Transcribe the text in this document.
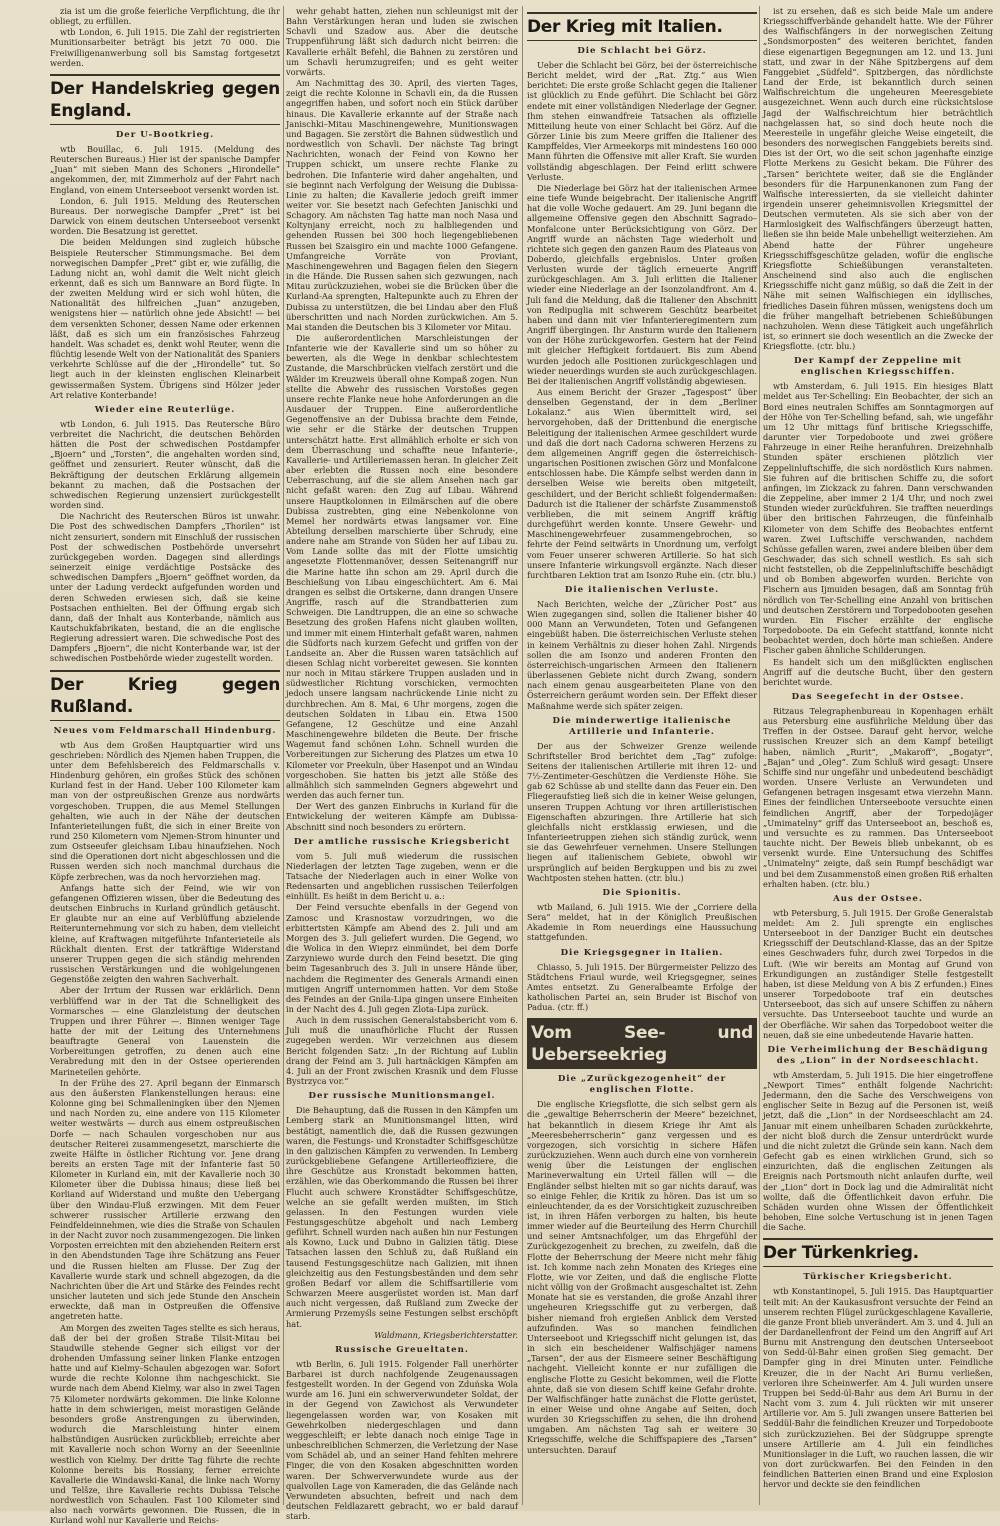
zia ist um die große feierliche Verpflichtung, die ihr obliegt, zu erfüllen.

wtb London, 6. Juli 1915. Die Zahl der registrierten Munitionsarbeiter beträgt bis jetzt 70 000. Die Freiwilligenanwerbung soll bis Samstag fortgesetzt werden.

Der Handelskrieg gegen England.
Der U-Bootkrieg.

wtb Bouillac, 6. Juli 1915. (Meldung des Reuterschen Bureaus.) Hier ist der spanische Dampfer „Juan“ mit sieben Mann des Schoners „Hirondelle“ angekommen, der, mit Zimmerholz auf der Fahrt nach England, von einem Unterseeboot versenkt worden ist.

London, 6. Juli 1915. Meldung des Reuterschen Bureaus. Der norwegische Dampfer „Pret“ ist bei Darwick von einem deutschen Unterseeboot versenkt worden. Die Besatzung ist gerettet.

Die beiden Meldungen sind zugleich hübsche Beispiele Reuterscher Stimmungsmache. Bei dem norwegischen Dampfer „Pret“ gibt er, wie zufällig, die Ladung nicht an, wohl damit die Welt nicht gleich erkennt, daß es sich um Bannware an Bord fügte. In der zweiten Meldung wird er sich wohl hüten, die Nationalität des hilfreichen „Juan“ anzugeben, wenigstens hier — natürlich ohne jede Absicht! — bei dem versenkten Schoner, dessen Name oder erkennen läßt, daß es sich um ein französisches Fahrzeug handelt. Was schadet es, denkt wohl Reuter, wenn die flüchtig lesende Welt von der Nationalität des Spaniers verkehrte Schlüsse auf die der „Hirondelle“ tut. So liegt auch in der kleinsten englischen Kleinarbeit gewissermaßen System. Übrigens sind Hölzer jeder Art relative Konterbande!

Wieder eine Reuterlüge.

wtb London, 6. Juli 1915. Das Reutersche Büro verbreitet die Nachricht, die deutschen Behörden hätten die Post der schwedischen Postdampfer „Bjoern“ und „Torsten“, die angehalten worden sind, geöffnet und zensuriert. Reuter wünscht, daß die Bekräftigung der deutschen Erklärung allgemein bekannt zu machen, daß die Postsachen der schwedischen Regierung unzensiert zurückgestellt worden sind.

Die Nachricht des Reuterschen Büros ist unwahr. Die Post des schwedischen Dampfers „Thorilen“ ist nicht zensuriert, sondern mit Einschluß der russischen Post der schwedischen Postbehörde unversehrt zurückgegeben worden. Dagegen sind allerdings seinerzeit einige verdächtige Postsäcke des schwedischen Dampfers „Bjoern“ geöffnet worden, da unter der Ladung verdeckt aufgefunden worden und deren Schweden erwiesen sich, daß sie keine Postsachen enthielten. Bei der Öffnung ergab sich dann, daß der Inhalt aus Konterbande, nämlich aus Kautschukfabrikaten, bestand, die an die englische Regierung adressiert waren. Die schwedische Post des Dampfers „Bjoern“, die nicht Konterbande war, ist der schwedischen Postbehörde wieder zugestellt worden.

Der Krieg gegen Rußland.
Neues vom Feldmarschall Hindenburg.

wtb Aus dem Großen Hauptquartier wird uns geschrieben: Nördlich des Njemen haben Truppen, die unter dem Befehlsbereich des Feldmarschalls v. Hindenburg gehören, ein großes Stück des schönen Kurland fest in der Hand. Ueber 100 Kilometer kam man von der ostpreußischen Grenze aus nordwärts vorgeschoben. Truppen, die aus Memel Stellungen gehalten, wie auch in der Nähe der deutschen Infanterieteilungen fußt, die sich in einer Breite von rund 250 Kilometern vom Njemen-Strom hinunter und zum Ostseeufer gleichsam Libau hinaufziehen. Noch sind die Operationen dort nicht abgeschlossen und die Russen werden sich noch manchmal durchaus die Köpfe zerbrechen, was da noch hervorziehen mag.

Anfangs hatte sich der Feind, wie wir von gefangenen Offizieren wissen, über die Bedeutung des deutschen Einbruchs in Kurland gründlich getäuscht. Er glaubte nur an eine auf Verblüffung abzielende Reiterunternehmung vor sich zu haben, dem vielleicht kleine, auf Kraftwagen mitgeführte Infanterieteile als Rückhalt dienten. Erst der tatkräftige Widerstand unserer Truppen gegen die sich ständig mehrenden russischen Verstärkungen und die wohlgelungenen Gegenstöße zeigten den wahren Sachverhalt.

Aber der Irrtum der Russen war erklärlich. Denn verblüffend war in der Tat die Schnelligkeit des Vormarsches — eine Glanzleistung der deutschen Truppen und ihrer Führer —. Binnen weniger Tage hatte der mit der Leitung des Unternehmens beauftragte General von Lauenstein die Vorbereitungen getroffen, zu denen auch eine Verabredung mit den in der Ostsee operierenden Marineteilen gehörte.

In der Frühe des 27. April begann der Einmarsch aus den äußersten Flankenstellungen heraus: eine Kolonne ging bei Schmalleningken über den Njemen und nach Norden zu, eine andere von 115 Kilometer weiter westwärts — durch aus einem ostpreußischen Dorfe — nach Schaulen vorgeschoben nur aus deutscher Reiterei zusammengesetzt, marschierte die zweite Hälfte in östlicher Richtung vor. Jene drang bereits an ersten Tage mit der Infanterie fast 50 Kilometer in Kurland ein, mit der Kavallerie noch 30 Kilometer über die Dubissa hinaus; diese ließ bei Korliand auf Widerstand und mußte den Uebergang über den Windau-Fluß erzwingen. Mit dem Feuer schwerer russischer Artillerie erzwang den Feindfeldeinnehmen, wie dies die Straße von Schaulen in der Nacht zuvor noch zusammengezogen. Die linken Vorposten erreichten mit den abziehenden Reitern erst in den Abendstunden Tage ihre Schätzung ans Feuer und die Russen hielten am Flusse. Der Zug der Kavallerie wurde stark und schnell abgezogen, da die Nachrichten über die Art und Stärke des Feindes recht unsicher lauteten und sich jede Stunde den Anschein erweckte, daß man in Ostpreußen die Offensive angetreten hatte.

Am Morgen des zweiten Tages stellte es sich heraus, daß der bei der großen Straße Tilsit-Mitau bei Staudwille stehende Gegner sich eiligst vor der drohenden Umfassung seiner linken Flanke entzogen hatte und auf Kielmy–Schaulen abgezogen war. Sofort wurde die rechte Kolonne ihm nachgeschickt. Sie wurde nach dem Abend Kielmy, war also in zwei Tagen 75 Kilometer nordwärts gekommen. Die linke Kolonne hatte in dem schwierigen, meist morastigen Gelände besonders große Anstrengungen zu überwinden, wodurch die Marschleistung hinter einem halbstündigen Ausrücken zurückblieb; erreichte aber mit Kavallerie noch schon Worny an der Seeenlinie westlich von Kielmy. Der dritte Tag führte die rechte Kolonne bereits bis Rossiany, ferner erreichte Kavallerie die Windawski-Kanal, die linke nach Worny und Telšze, ihre Kavallerie rechts Dubissa Telsche nordwestlich von Schaulen. Fast 100 Kilometer sind also nach vorwärts gewonnen. Die Russen, die in Kurland wohl nur Kavallerie und Reichs-

wehr gehabt hatten, ziehen nun schleunigst mit der Bahn Verstärkungen heran und luden sie zwischen Schavli und Szadow aus. Aber die deutsche Truppenführung läßt sich dadurch nicht beirren: die Kavallerie erhält Befehl, die Bahnen zu zerstören und um Schavli herumzugreifen; und es geht weiter vorwärts.

Am Nachmittag des 30. April, des vierten Tages, zeigt die rechte Kolonne in Schavli ein, da die Russen angegriffen haben, und sofort noch ein Stück darüber hinaus. Die Kavallerie erkannte auf der Straße nach Janischki–Mitau Maschinengewehre, Munitionswagen und Bagagen. Sie zerstört die Bahnen südwestlich und nordwestlich von Schavli. Der nächste Tag bringt Nachrichten, wonach der Feind von Kowno her Truppen schickt, um unsere rechte Flanke zu bedrohen. Die Infanterie wird daher angehalten, und sie beginnt nach Verfolgung der Weisung die Dubissa-Linie zu halten; die Kavallerie jedoch greift immer weiter vor. Sie besetzt nach Gefechten Janischki und Schagory. Am nächsten Tag hatte man noch Nasa und Koltynjany erreicht, noch zu halbliegenden und gehenden Russen bei 300 hoch liegengebliebenen Russen bei Szaisgiro ein und machte 1000 Gefangene. Umfangreiche Vorräte von Proviant, Maschinengewehren und Bagagen fielen den Siegern in die Hände. Die Russen sahen sich gezwungen, nach Mitau zurückzuziehen, wobei sie die Brücken über die Kurland-Aa sprengten, Haltepunkte auch zu Ehren der Dubissa zu unterstützen, die bei Lindau aber den Fluß überschritten und nach Norden zurückwichen. Am 5. Mai standen die Deutschen bis 3 Kilometer vor Mitau.

Die außerordentlichen Marschleistungen der Infanterie wie der Kavallerie sind um so höher zu bewerten, als die Wege in denkbar schlechtestem Zustande, die Marschbrücken vielfach zerstört und die Wälder im Kreuzweis überall ohne Kompaß zogen. Nun stellte die Abwehr des russischen Vorstoßes gegen unsere rechte Flanke neue hohe Anforderungen an die Ausdauer der Truppen. Eine außerordentliche Gegenoffensive an der Dubissa brachte dem Feinde, wie sehr er die Stärke der deutschen Truppen unterschätzt hatte. Erst allmählich erholte er sich von dem Überraschung und schaffte neue Infanterie-, Kavallerie- und Artilleriemassen heran. In gleicher Zeit aber erlebten die Russen noch eine besondere Ueberraschung, auf die sie allem Ansehen nach gar nicht gefaßt waren: den Zug auf Libau. Während unsere Hauptkolonnen in Eilmärschen auf die obere Dubissa zustrebten, ging eine Nebenkolonne von Memel her nordwärts etwas langsamer vor. Eine Abteilung derselben marschierte über Schrudy, eine andere nahe am Strande von Süden her auf Libau zu. Vom Lande sollte das mit der Flotte umsichtig angesetzte Flottenmanöver, dessen Seitenangriff nur die Marine hatte ihn schon am 29. April durch die Beschießung von Libau eingeschüchtert. Am 6. Mai drangen es selbst die Ortskerne, dann drangen Unsere Angriffe, rasch auf die Strandbatterien zum Schweigen. Die Landtruppen, die an eine so schwache Besetzung des großen Hafens nicht glauben wollten, und immer mit einem Hinterhalt gefaßt waren, nahmen die Südforts nach kurzem Gefecht und griffen von der Landseite an. Aber die Russen waren tatsächlich auf diesen Schlag nicht vorbereitet gewesen. Sie konnten nur noch in Mitau stärkere Truppen ausladen und in südwestlicher Richtung vorschicken, vermochten jedoch unsere langsam nachrückende Linie nicht zu durchbrechen. Am 8. Mai, 6 Uhr morgens, zogen die deutschen Soldaten in Libau ein. Etwa 1500 Gefangene, 12 Geschütze und eine Anzahl Maschinengewehre bildeten die Beute. Der frische Wagemut fand schönen Lohn. Schnell wurden die Vorbereitungen zur Sicherung des Platzes um etwa 10 Kilometer vor Preekuln, über Hasenpot und an Windau vorgeschoben. Sie hatten bis jetzt alle Stöße des allmählich sich sammelnden Gegners abgewehrt und werden das auch ferner tun.

Der Wert des ganzen Einbruchs in Kurland für die Entwickelung der weiteren Kämpfe am Dubissa-Abschnitt sind noch besonders zu erörtern.

Der amtliche russische Kriegsbericht

vom 5. Juli muß wiederum die russischen Niederlagen der letzten Tage zugeben, wenn er die Tatsache der Niederlagen auch in einer Wolke von Redensarten und angeblichen russischen Teilerfolgen einhüllt. Es heißt in dem Bericht u. a.:

Der Feind versuchte ebenfalls in der Gegend von Zamosc und Krasnostaw vorzudringen, wo die erbittertsten Kämpfe am Abend des 2. Juli und am Morgen des 3. Juli geliefert wurden. Die Gegend, wo die Wolica in den Wieprz einmündet, bei dem Dorfe Zarzyniewo wurde durch den Feind besetzt. Die ging beim Tagesanbruch des 3. Juli in unsere Hände über, nachdem die Regimenter des Generals Armandi einen mutigen Angriff unternommen hatten. Vor dem Stoße des Feindes an der Gnila-Lipa gingen unsere Einheiten in der Nacht des 4. Juli gegen Zlota-Lipa zurück.

Auch in dem russischen Generalstabsbericht vom 6. Juli muß die unaufhörliche Flucht der Russen zugegeben werden. Wir verzeichnen aus diesem Bericht folgenden Satz: „In der Richtung auf Lublin drang der Feind am 3. Juli hartnäckigen Kämpfen am 4. Juli an der Front zwischen Krasnik und dem Flusse Bystrzyca vor.“

Der russische Munitionsmangel.

Die Behauptung, daß die Russen in den Kämpfen um Lemberg stark an Munitionsmangel litten, wird bestätigt, namentlich die, daß die Russen gezwungen waren, die Festungs- und Kronstadter Schiffsgeschütze in den galizischen Kämpfen zu verwenden. In Lemberg zurückgebliebene Gefangene Artillerieoffiziere, die ihre Geschütze aus Kronstadt bekommen hatten, erzählen, wie das Oberkommando die Russen bei ihrer Flucht auch schwere Kronstädter Schiffsgeschütze, welche an sie gefallt werden mußten, im Stich gelassen. In den Festungen wurden viele Festungsgeschütze abgeholt und nach Lemberg geführt. Schnell wurden nach außen hin nur Festungen als Kowno, Luck und Dubno in Galizien tätig. Diese Tatsachen lassen den Schluß zu, daß Rußland ein tausend Festungsgeschütze nach Galizien, mit ihnen gleichzeitig aus den Festungsbeständen und dem sehr großen Bedarf vor allem die Schiffsartillerie vom Schwarzen Meere ausgerüstet worden ist. Man darf auch nicht vergessen, daß Rußland zum Zwecke der Armierung Przemyśls seine Festungen selbst erschöpft hat.

Waldmann, Kriegsberichterstatter.

Russische Greueltaten.

wtb Berlin, 6. Juli 1915. Folgender Fall unerhörter Barbarei ist durch nachfolgende Zeugenaussagen festgestellt worden. In der Gegend von Zduńska Wola wurde am 16. Juni ein schwerverwundeter Soldat, der in der Gegend von Zawichost als Verwundeter liegengelassen worden war, von Kosaken mit Gewehrkolben niedergeschlagen und dann weggeschleift; er lebte danach noch einige Tage in unbeschreiblichen Schmerzen, die Verletzung der Nase vom Schädel ab, und an seiner Hand fehlten mehrere Finger, die von den Kosaken abgeschnitten worden waren. Der Schwerverwundete wurde aus der qualvollen Lage von Kameraden, die das Gelände nach Verwundeten absuchten, befreit und nach dem deutschen Feldlazarett gebracht, wo er bald darauf starb.

Der Krieg mit Italien.
Die Schlacht bei Görz.

Ueber die Schlacht bei Görz, bei der österreichische Bericht meldet, wird der „Rat. Ztg.“ aus Wien berichtet: Die erste große Schlacht gegen die Italiener ist glücklich zu Ende geführt. Die Schlacht bei Görz endete mit einer vollständigen Niederlage der Gegner. Ihm stehen einwandfreie Tatsachen als offizielle Mitteilung heute von einer Schlacht bei Görz. Auf die Görzer Linie bis zum Meere griffen die Italiener des Kampffeldes, Vier Armeekorps mit mindestens 160 000 Mann führten die Offensive mit aller Kraft. Sie wurden vollständig abgeschlagen. Der Feind erlitt schwere Verluste.

Die Niederlage bei Görz hat der italienischen Armee eine tiefe Wunde beigebracht. Der italienische Angriff hat die volle Woche gedauert. Am 29. Juni begann die allgemeine Offensive gegen den Abschnitt Sagrado–Monfalcone unter Berücksichtigung von Görz. Der Angriff wurde an nächsten Tage wiederholt und richtete sich gegen den ganzen Raum des Plateaus von Doberdo, gleichfalls ergebnislos. Unter großen Verlusten wurde der täglich erneuerte Angriff zurückgeschlagen. Am 3. Juli erlitten die Italiener wieder eine Niederlage an der Isonzolandfront. Am 4. Juli fand die Meldung, daß die Italiener den Abschnitt von Redipuglia mit schwerem Geschütz bearbeitet haben und dann mit vier Infanterieregimentern zum Angriff übergingen. Ihr Ansturm wurde den Italienern von der Höhe zurückgeworfen. Gestern hat der Feind mit gleicher Heftigkeit fortdauert. Bis zum Abend wurden jedoch alle Positionen zurückgeschlagen und wieder neuerdings wurden sie auch zurückgeschlagen. Bei der italienischen Angriff vollständig abgewiesen.

Aus einem Bericht der Grazer „Tagespost“ über denselben Gegenstand, der in dem „Berliner Lokalanz.“ aus Wien übermittelt wird, sei hervorgehoben, daß der Drittenbund die energische Beleitigung der italienischen Armee geschildert wurde und daß die dort nach Cadorna schweren Herzens zu dem allgemeinen Angriff gegen die österreichisch-ungarischen Positionen zwischen Görz und Monfalcone entschlossen habe. Die Kämpfe selbst werden dann in derselben Weise wie bereits oben mitgeteilt, geschildert, und der Bericht schließt folgendermaßen: Dadurch ist die Italiener der schärfste Zusammenstoß verblieben, die mit seinem Angriff kräftig durchgeführt werden konnte. Unsere Gewehr- und Maschinengewehrfeuer zusammengebrochen, so fehrte der Feind seitwärts in Unordnung um, verfolgt vom Feuer unserer schweren Artillerie. So hat sich unsere Infanterie wirkungsvoll ergänzte. Nach dieser furchtbaren Lektion trat am Isonzo Ruhe ein. (ctr. blu.)

Die italienischen Verluste.

Nach Berichten, welche der „Züricher Post“ aus Wien zugegangen sind, sollen die Italiener bisher 40 000 Mann an Verwundeten, Toten und Gefangenen eingebüßt haben. Die österreichischen Verluste stehen in keinem Verhältnis zu dieser hohen Zahl. Nirgends sollen die am Isonzo und anderen Fronten den österreichisch-ungarischen Armeen den Italienern überlassenen Gebiete nicht durch Zwang, sondern nach einem genau ausgearbeiteten Plane von den Österreichern geräumt worden sein. Der Effekt dieser Maßnahme werde sich später zeigen.

Die minderwertige italienische Artillerie und Infanterie.

Der aus der Schweizer Grenze weilende Schriftsteller Brod berichtet dem „Tag“ zufolge: Seitens der italienischen Artillerie mit ihren 12- und 7½-Zentimeter-Geschützen die Verdienste Höhe. Sie gab 62 Schüsse ab und stellte dann das Feuer ein. Den Fliegeraufstieg ließ sich die in keiner Weise gelungen, unseren Truppen Achtung vor ihren artilleristischen Eigenschaften abzuringen. Ihre Artillerie hat sich gleichfalls nicht erstklassig erwiesen, und die Infanterieetruppen ziehen sich ständig zurück, wenn sie das Gewehrfeuer vernehmen. Unsere Stellungen liegen auf italienischem Gebiete, obwohl wir ursprünglich auf beiden Bergkuppen und bis zu zwei Wachtposten stehen hatten. (ctr. blu.)

Die Spionitis.

wtb Mailand, 6. Juli 1915. Wie der „Corriere della Sera“ meldet, hat in der Königlich Preußischen Akademie in Rom neuerdings eine Haussuchung stattgefunden.

Die Kriegsgegner in Italien.

Chiasso, 5. Juli 1915. Der Bürgermeister Pelizzo des Städtchens Friaul wurde, weil Kriegsgegner, seines Amtes entsetzt. Zu Generalbeamte Erfolge der katholischen Partei an, sein Bruder ist Bischof von Padua. (ctr. ff.)

Vom See- und Ueberseekrieg
Die „Zurückgezogenheit“ der englischen Flotte.

Die englische Kriegsflotte, die sich selbst gern als die „gewaltige Beherrscherin der Meere“ bezeichnet, hat bekanntlich in diesem Kriege ihr Amt als „Meeresbeherrscherin“ ganz vergessen und es vorgezogen, sich vorsichtig in sichere Häfen zurückzuziehen. Wenn auch durch eine von vornherein wenig über die Leistungen der englischen Marineverwaltung ein Urteil fällen will — die Engländer selbst hielten mit so gar nichts darauf, was so einige Fehler, die Kritik zu hören. Das ist um so einleuchtender, da es der Vorsichtigkeit zuzuschreiben ist, in ihren Häfen verborgen zu halten, bis heute immer wieder auf die Beurteilung des Herrn Churchill und seiner Amtsnachfolger, um das Ehrgefühl der Zurückgezogenheit zu brechen, zu zweifeln, daß die Flotte der Beherrschung der Meere nicht mehr fähig ist. Ich komme nach zehn Monaten des Krieges eine Flotte, wie vor Zeiten, und daß die englische Flotte nicht völlig von der Großmacht ausgeschaltet ist. Zehn Monate hat sie es verstanden, die große Anzahl ihrer ungeheuren Kriegsschiffe gut zu verbergen, daß bisher niemand froh ergießen Anblick dem Versted aufzufinden. Was so manchen feindlichen Unterseeboot und Kriegsschiff nicht gelungen ist, das in sich ein bescheidener Walfischjäger namens „Tarsen“, der aus der Eismeere seiner Beschäftigung nachgeht. Vielleicht konnte er nur zufälligen die englische Flotte zu Gesicht bekommen, weil die Flotte ahnte, daß sie von diesem Schiff keine Gefahr drohte. Der Walfischfänger hatte zunächst die Flotte gerüstet, in einer Weise und ohne Angabe auf Seiten, doch wurden 30 Kriegsschiffen zu sehen, die ihn drohend umgaben. Am nächsten Tag sah er weitere 30 Kriegsschiffe, welche die Schiffspapiere des „Tarsen“ untersuchten. Darauf

ist zu ersehen, daß es sich beide Male um andere Kriegsschiffverbände gehandelt hatte. Wie der Führer des Walfischfängers in der norwegischen Zeitung „Sondsmorposten“ des weiteren berichtet, fanden diese eigenartigen Begegnungen am 12. und 13. Juni statt, und zwar in der Nähe Spitzbergens auf dem Fanggebiet „Südfeld“. Spitzbergen, das nördlichste Land der Erde, ist bekanntlich durch seinen Walfischreichtum die ungeheuren Meeresgebiete ausgezeichnet. Wenn auch durch eine rücksichtslose Jagd der Walfischreichtum hier beträchtlich nachgelassen hat, so sind doch heute noch die Meeresteile in ungefähr gleiche Weise eingeteilt, die besonders des norwegischen Fanggebiets bereits sind. Dies ist der Ort, wo die seit schon jagenhafte einzige Flotte Merkens zu Gesicht bekam. Die Führer des „Tarsen“ berichtete weiter, daß sie die Engländer besonders für die Harpunenkanonen zum Fang der Walfische interessierten, da sie vielleicht dahinter irgendein unserer geheimnisvollen Kriegsmittel der Deutschen vermuteten. Als sie sich aber von der Harmlosigkeit des Walfischfängers überzeugt hatten, ließen sie ihn beide Male unbehelligt weiterziehen. Am Abend hatte der Führer ungeheure Kriegsschiffsgeschütze geladen, wofür die englische Kriegsflotte Schießübungen veranstalteten. Anscheinend sind also auch die englischen Kriegsschiffe nicht ganz müßig, so daß die Zeit in der Nähe mit seinen Walfischiegen ein idyllisches, friedliches Dasein führen müssen, wenigstens doch um die früher mangelhaft betriebenen Schießübungen nachzuholen. Wenn diese Tätigkeit auch ungefährlich ist, so erinnert sie doch wesentlich an die Zwecke der Kriegsflotte. (ctr. blu.)

Der Kampf der Zeppeline mit englischen Kriegsschiffen.

wtb Amsterdam, 6. Juli 1915. Ein hiesiges Blatt meldet aus Ter-Schelling: Ein Beobachter, der sich an Bord eines neutralen Schiffes am Sonntagmorgen auf der Höhe von Ter-Schelling befand, sah, wie ungefähr um 12 Uhr mittags fünf britische Kriegsschiffe, darunter vier Torpedoboote und zwei größere Fahrzeuge in einer Reihe heranfuhren. Dreizehnhalb Stunden später erschienen plötzlich vier Zeppelinluftschiffe, die sich nordöstlich Kurs nahmen. Sie fuhren auf die britischen Schiffe zu, die sofort anfingen, im Zickzack zu fahren. Dann verschwanden die Zeppeline, aber immer 2 1/4 Uhr, und noch zwei Stunden wieder zurückfuhren. Sie trafften neuerdings über den britischen Fahrzeugen, die fünfeinhalb Kilometer von dem Schiffe des Beobachtes entfernt waren. Zwei Luftschiffe verschwanden, nachdem Schüsse gefallen waren, zwei andere bleiben über dem Geschwader, das sich schnell westlich. Es sah sich nicht feststellen, ob die Zeppelinluftschiffe beschädigt und ob Bomben abgeworfen wurden. Berichte von Fischern aus Ijmuiden besagen, daß am Sonntag früh nördlich von Ter-Schelling eine Anzahl von britischen und deutschen Zerstörern und Torpedobooten gesehen wurden. Ein Fischer erzählte der englische Torpedoboote. Da ein Gefecht stattfand, konnte nicht beobachtet werden, doch hörte man schießen. Andere Fischer gaben ähnliche Schilderungen.

Es handelt sich um den mißglückten englischen Angriff auf die deutsche Bucht, über den gestern berichtet wurde.

Das Seegefecht in der Ostsee.

Ritzaus Telegraphenbureau in Kopenhagen erhält aus Petersburg eine ausführliche Meldung über das Treffen in der Ostsee. Darauf geht hervor, welche russischen Kreuzer sich an dem Kampf beteiligt haben, nämlich „Rurit“, „Makaroff“, „Bogatyr“, „Bajan“ und „Oleg“. Zum Schluß wird gesagt: Unsere Schiffe sind nur ungefähr und unbedeutend beschädigt worden. Unsere Verluste an Verwundeten und Gefangenen betragen insgesamt etwa vierzehn Mann. Eines der feindlichen Unterseeboote versuchte einen feindlichen Angriff, aber der Torpedojäger „Umimatelny“ griff das Unterseeboot an, beschoß es, und versuchte es zu rammen. Das Unterseeboot tauchte nicht. Der Beweis blieb unbekannt, ob es versenkt wurde. Eine Untersuchung des Schiffes „Unimatelny“ zeigte, daß sein Rumpf beschädigt war und bei dem Zusammenstoß einen großen Riß erhalten erhalten haben. (ctr. blu.)

Aus der Ostsee.

wtb Petersburg, 5. Juli 1915. Der Große Generalstab meldet: Am 2. Juli sprengte ein englisches Unterseeboot in der Danziger Bucht ein deutsches Kriegsschiff der Deutschland-Klasse, das an der Spitze eines Geschwaders fuhr, durch zwei Torpedos in die Luft. (Wie wir bereits am Montag auf Grund von Erkundigungen an zuständiger Stelle festgestellt haben, ist diese Meldung von A bis Z erfunden.) Eines unserer Torpedoboote traf ein deutsches Unterseeboot, das sich auf unsere Schiffen zu nähern versuchte. Das Unterseeboot tauchte und wurde an der Oberfläche. Wir sahen das Torpedoboot weiter die neuen, daß sie eine unbedeutende Havarie hatten.

Die Verheimlichung der Beschädigung des „Lion“ in der Nordseeschlacht.

wtb Amsterdam, 5. Juli 1915. Die hier eingetroffene „Newport Times“ enthält folgende Nachricht: Jedermann, den die Sache des Verschweigens von englischer Seite in Bezug auf die Personen ist, weiß jetzt, daß die „Lion“ in der Nordseeschlacht am 24. Januar mit einem unheilbaren Schaden zurückkehrte, der nicht bloß durch die Zensur unterdrückt wurde und die nicht zuletzt die Gründe sein kann. Nach dem Gefecht gab es einen wirklichen Grund, sich so einzurichten, daß die englischen Zeitungen als Ereignis nach Portsmouth nicht anlaufen durfte, weil der „Lion“ dort in Dock lag und die Admiralität nicht wollte, daß die Öffentlichkeit davon erfuhr. Die Schäden wurden ohne Wissen der Öffentlichkeit behoben, Eine solche Vertuschung ist in jenen Tagen die Sache.

Der Türkenkrieg.
Türkischer Kriegsbericht.

wtb Konstantinopel, 5. Juli 1915. Das Hauptquartier teilt mit: An der Kaukasusfront versuchte der Feind an unserem rechten Flügel zurückgeschlagene Kavallerie, die ganze Front blieb unverändert. Am 3. und 4. Juli an der Dardanellenfront der Feind um den Angriff auf Ari Burnu mit Anstrengung den deutschen Unterseeboot von Sedd-ül-Bahr einen großen Sieg gemacht. Der Dampfer ging in drei Minuten unter. Feindliche Kreuzer, die in der Nacht Ari Burnu verließen, verloren ihre Scheinwerfer. Am 4. Juli wurden unsere Truppen bei Sedd-ül-Bahr aus dem Ari Burnu in der Nacht vom 3. zum 4. Juli rückten wir mit unserer Artillerie vor. Am 5. Juli zwangen unsere Batterien bei Seddül-Bahr die feindlichen Kreuzer und Torpedoboote sich zurückzuziehen. Bei der Südgruppe sprengte unsere Artillerie am 4. Juli ein feindliches Munitionslager in die Luft, wo rauchen lassen, die wir von dort zurückwarfen. Bei den Feinden in den feindlichen Batterien einen Brand und eine Explosion hervor und deckte sie den feindlichen
